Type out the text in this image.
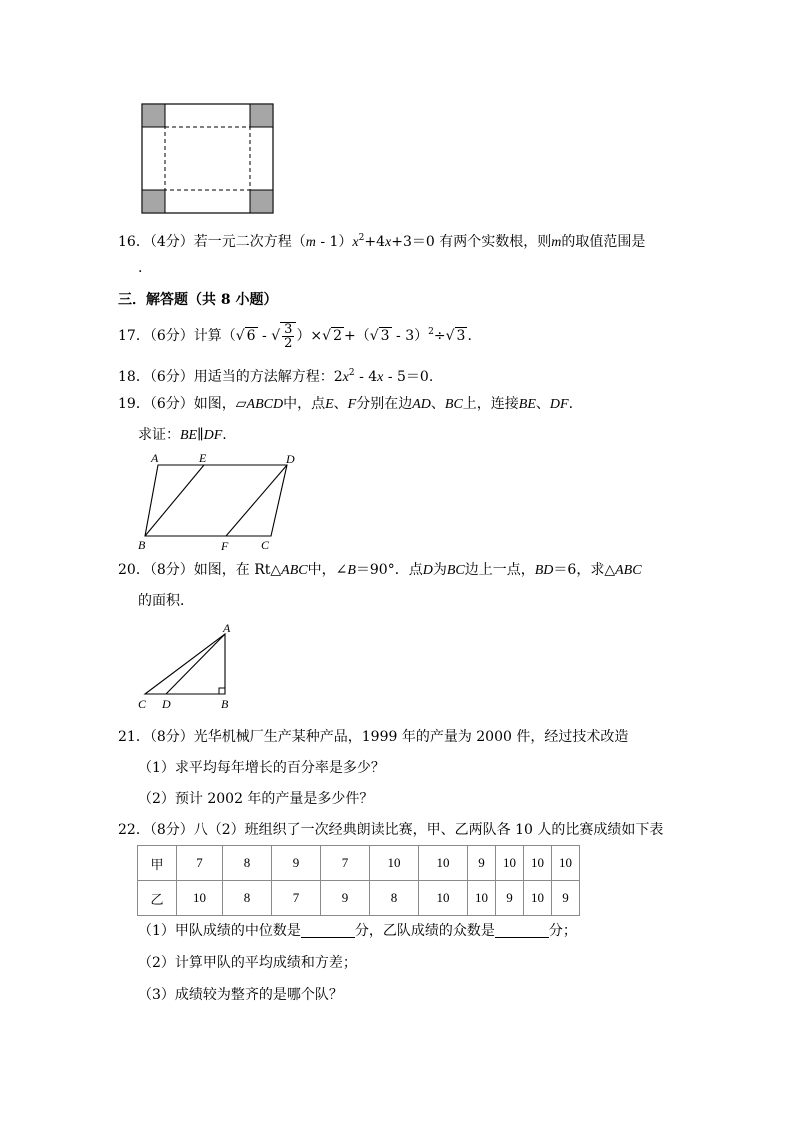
16．（4分）若一元二次方程$(m - 1)x^2+4x+3=0$ 有两个实数根，则m的取值范围是
.
三．解答题（共 8 小题）
17．（6分）计算（√ 6 - √ $\frac{3}{2}$ ）×√ 2 +（√ 3 - 3）$^2$÷√ 3 .
18．（6分）用适当的方法解方程：$2x^2 - 4x - 5=0$.
19．（6分）如图，▱ABCD中，点E、F分别在边AD、BC上，连接BE、DF.
求证：BE∥DF.
A	E	D
B	F	C
20．（8分）如图，在 Rt△ABC中，∠B＝90°．点D为BC边上一点，BD＝6，求△ABC
的面积．
A
C D	B
21．（8分）光华机械厂生产某种产品，1999 年的产量为 2000 件，经过技术改造
（1）求平均每年增长的百分率是多少？
（2）预计 2002 年的产量是多少件？
22．（8分）八（2）班组织了一次经典朗读比赛，甲、乙两队各 10 人的比赛成绩如下表
甲	7	8	9	7	10	10	9	10	10	10
乙	10	8	7	9	8	10	10	9	10	9
（1）甲队成绩的中位数是	分，乙队成绩的众数是	分；
（2）计算甲队的平均成绩和方差；
（3）成绩较为整齐的是哪个队？
